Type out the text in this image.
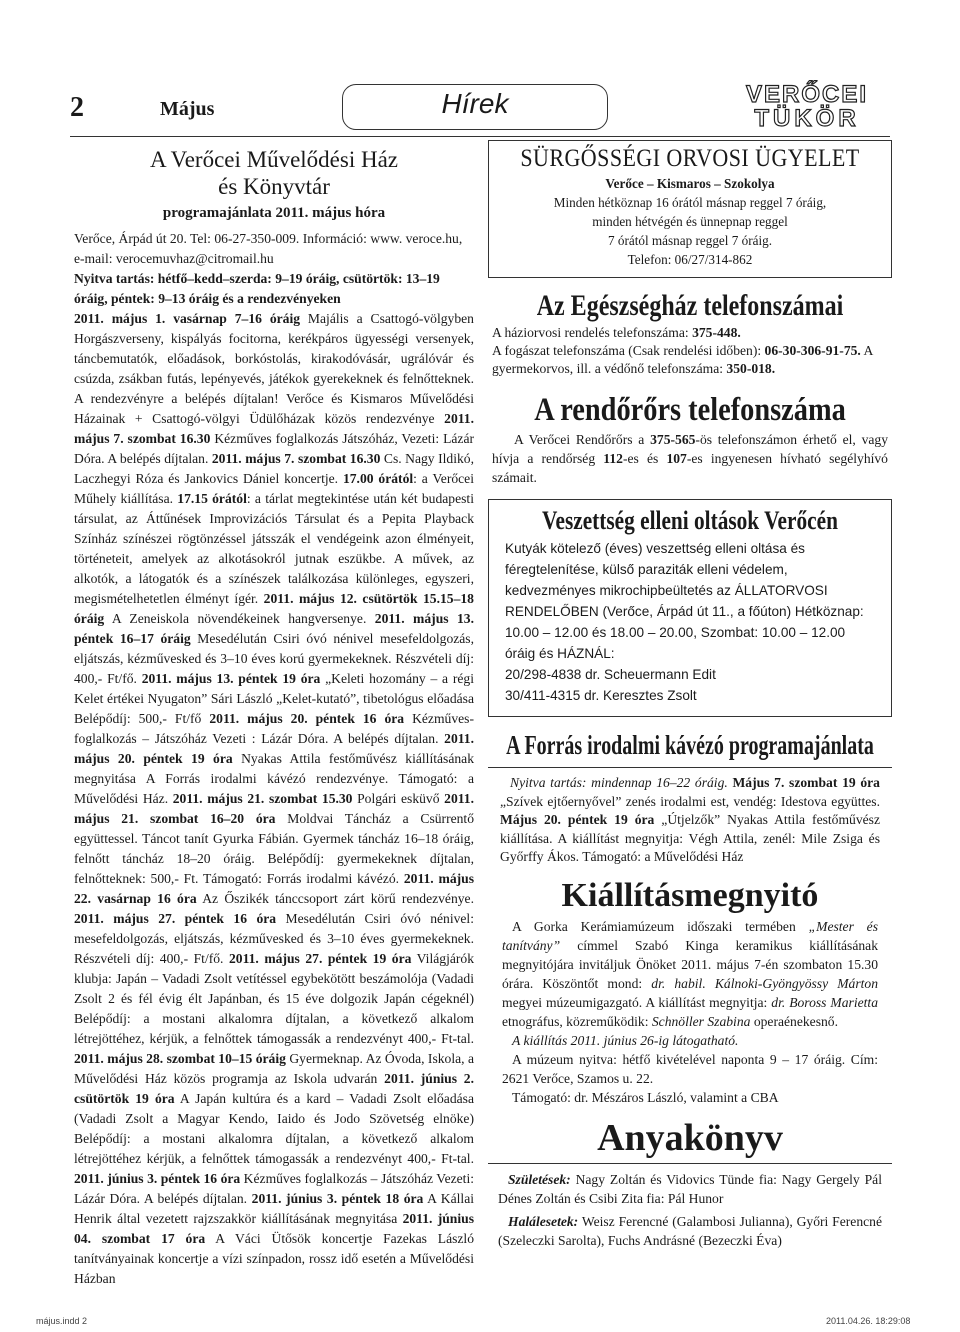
2	Május	Hírek	VERŐCEI
TÜKÖR
A Verőcei Művelődési Ház
és Könyvtár
programajánlata 2011. május hóra

Verőce, Árpád út 20. Tel: 06-27-350-009. Információ: www. veroce.hu, e-mail: verocemuvhaz@citromail.hu

Nyitva tartás: hétfő–kedd–szerda: 9–19 óráig, csütörtök: 13–19 óráig, péntek: 9–13 óráig és a rendezvényeken

2011. május 1. vasárnap 7–16 óráig Majális a Csattogó-völgyben Horgászverseny, kispályás focitorna, kerékpáros ügyességi versenyek, táncbemutatók, előadások, borkóstolás, kirakodóvásár, ugrálóvár és csúzda, zsákban futás, lepényevés, játékok gyerekeknek és felnőtteknek. A rendezvényre a belépés díjtalan! Verőce és Kismaros Művelődési Házainak + Csattogó-völgyi Üdülőházak közös rendezvénye 2011. május 7. szombat 16.30 Kézműves foglalkozás Játszóház, Vezeti: Lázár Dóra. A belépés díjtalan. 2011. május 7. szombat 16.30 Cs. Nagy Ildikó, Laczhegyi Róza és Jankovics Dániel koncertje. 17.00 órától: a Verőcei Műhely kiállítása. 17.15 órától: a tárlat megtekintése után két budapesti társulat, az Áttűnések Improvizációs Társulat és a Pepita Playback Színház színészei rögtönzéssel játsszák el vendégeink azon élményeit, történeteit, amelyek az alkotásokról jutnak eszükbe. A művek, az alkotók, a látogatók és a színészek találkozása különleges, egyszeri, megismételhetetlen élményt ígér. 2011. május 12. csütörtök 15.15–18 óráig A Zeneiskola növendékeinek hangversenye. 2011. május 13. péntek 16–17 óráig Mesedélután Csiri óvó nénivel mesefeldolgozás, eljátszás, kézművesked és 3–10 éves korú gyermekeknek. Részvételi díj: 400,- Ft/fő. 2011. május 13. péntek 19 óra „Keleti hozomány – a régi Kelet értékei Nyugaton” Sári László „Kelet-kutató”, tibetológus előadása Belépődíj: 500,- Ft/fő 2011. május 20. péntek 16 óra Kézműves-foglalkozás – Játszóház Vezeti : Lázár Dóra. A belépés díjtalan. 2011. május 20. péntek 19 óra Nyakas Attila festőművész kiállításának megnyitása A Forrás irodalmi kávézó rendezvénye. Támogató: a Művelődési Ház. 2011. május 21. szombat 15.30 Polgári esküvő 2011. május 21. szombat 16–20 óra Moldvai Táncház a Csürrentő együttessel. Táncot tanít Gyurka Fábián. Gyermek táncház 16–18 óráig, felnőtt táncház 18–20 óráig. Belépődíj: gyermekeknek díjtalan, felnőtteknek: 500,- Ft. Támogató: Forrás irodalmi kávézó. 2011. május 22. vasárnap 16 óra Az Őszikék tánccsoport zárt körű rendezvénye. 2011. május 27. péntek 16 óra Mesedélután Csiri óvó nénivel: mesefeldolgozás, eljátszás, kézművesked és 3–10 éves gyermekeknek. Részvételi díj: 400,- Ft/fő. 2011. május 27. péntek 19 óra Világjárók klubja: Japán – Vadadi Zsolt vetítéssel egybekötött beszámolója (Vadadi Zsolt 2 és fél évig élt Japánban, és 15 éve dolgozik Japán cégeknél) Belépődíj: a mostani alkalomra díjtalan, a következő alkalom létrejöttéhez, kérjük, a felnőttek támogassák a rendezvényt 400,- Ft-tal. 2011. május 28. szombat 10–15 óráig Gyermeknap. Az Óvoda, Iskola, a Művelődési Ház közös programja az Iskola udvarán 2011. június 2. csütörtök 19 óra A Japán kultúra és a kard – Vadadi Zsolt előadása (Vadadi Zsolt a Magyar Kendo, Iaido és Jodo Szövetség elnöke) Belépődíj: a mostani alkalomra díjtalan, a következő alkalom létrejöttéhez kérjük, a felnőttek támogassák a rendezvényt 400,- Ft-tal. 2011. június 3. péntek 16 óra Kézműves foglalkozás – Játszóház Vezeti: Lázár Dóra. A belépés díjtalan. 2011. június 3. péntek 18 óra A Kállai Henrik által vezetett rajzszakkör kiállításának megnyitása 2011. június 04. szombat 17 óra A Váci Ütősök koncertje Fazekas László tanítványainak koncertje a vízi színpadon, rossz idő esetén a Művelődési Házban

SÜRGŐSSÉGI ORVOSI ÜGYELET
Verőce – Kismaros – Szokolya
Minden hétköznap 16 órától másnap reggel 7 óráig,
minden hétvégén és ünnepnap reggel
7 órától másnap reggel 7 óráig.
Telefon: 06/27/314-862
Az Egészségház telefonszámai
A háziorvosi rendelés telefonszáma: 375-448.
A fogászat telefonszáma (Csak rendelési időben): 06-30-306-91-75. A gyermekorvos, ill. a védőnő telefonszáma: 350-018.
A rendőrőrs telefonszáma
A Verőcei Rendőrőrs a 375-565-ös telefonszámon érhető el, vagy hívja a rendőrség 112-es és 107-es ingyenesen hívható segélyhívó számait.
Veszettség elleni oltások Verőcén
Kutyák kötelező (éves) veszettség elleni oltása és féregtelenítése, külső paraziták elleni védelem, kedvezményes mikrochipbeültetés az ÁLLATORVOSI RENDELŐBEN (Verőce, Árpád út 11., a főúton) Hétköznap: 10.00 – 12.00 és 18.00 – 20.00, Szombat: 10.00 – 12.00 óráig és HÁZNÁL:
20/298-4838 dr. Scheuermann Edit
30/411-4315 dr. Keresztes Zsolt
A Forrás irodalmi kávézó programajánlata
Nyitva tartás: mindennap 16–22 óráig. Május 7. szombat 19 óra „Szívek ejtőernyővel” zenés irodalmi est, vendég: Idestova együttes. Május 20. péntek 19 óra „Útjelzők” Nyakas Attila festőművész kiállítása. A kiállítást megnyitja: Végh Attila, zenél: Mile Zsiga és Győrffy Ákos. Támogató: a Művelődési Ház
Kiállításmegnyitó

A Gorka Kerámiamúzeum időszaki termében „Mester és tanítvány” címmel Szabó Kinga keramikus kiállításának megnyitójára invitáljuk Önöket 2011. május 7-én szombaton 15.30 órára. Köszöntőt mond: dr. habil. Kálnoki-Gyöngyössy Márton megyei múzeumigazgató. A kiállítást megnyitja: dr. Boross Marietta etnográfus, közreműködik: Schnöller Szabina operaénekesnő.

A kiállítás 2011. június 26-ig látogatható.

A múzeum nyitva: hétfő kivételével naponta 9 – 17 óráig. Cím: 2621 Verőce, Szamos u. 22.

Támogató: dr. Mészáros László, valamint a CBA

Anyakönyv

Születések: Nagy Zoltán és Vidovics Tünde fia: Nagy Gergely Pál Dénes Zoltán és Csibi Zita fia: Pál Hunor

Halálesetek: Weisz Ferencné (Galambosi Julianna), Győri Ferencné (Szeleczki Sarolta), Fuchs Andrásné (Bezeczki Éva)

május.indd 2	2011.04.26. 18:29:08
